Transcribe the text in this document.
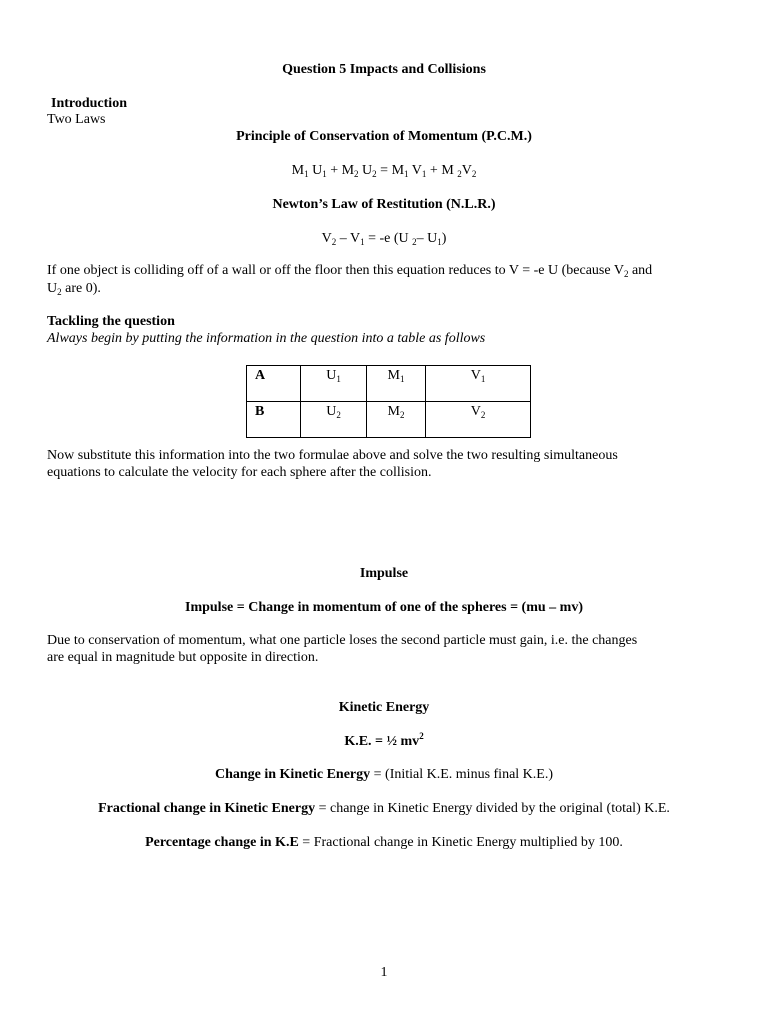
Question 5 Impacts and Collisions
Introduction
Two Laws
Principle of Conservation of Momentum (P.C.M.)
$M_1$ $U_1 + M_2$ $U_2 = M_1$ $V_1 + M$ $_2V_2$
Newton’s Law of Restitution (N.L.R.)
$V_2 - V_1 = -e$ (U $_2$– $U_1$)
If one object is colliding off of a wall or off the floor then this equation reduces to V = -e U (because $V_2$ and
$U_2$ are 0).
Tackling the question
Always begin by putting the information in the question into a table as follows
A	$U_1$	$M_1$	$V_1$
B	$U_2$	$M_2$	$V_2$
Now substitute this information into the two formulae above and solve the two resulting simultaneous
equations to calculate the velocity for each sphere after the collision.
Impulse
Impulse = Change in momentum of one of the spheres = (mu – mv)
Due to conservation of momentum, what one particle loses the second particle must gain, i.e. the changes
are equal in magnitude but opposite in direction.
Kinetic Energy
K.E. = ½ $mv^2$
Change in Kinetic Energy = (Initial K.E. minus final K.E.)
Fractional change in Kinetic Energy = change in Kinetic Energy divided by the original (total) K.E.
Percentage change in K.E = Fractional change in Kinetic Energy multiplied by 100.
1
